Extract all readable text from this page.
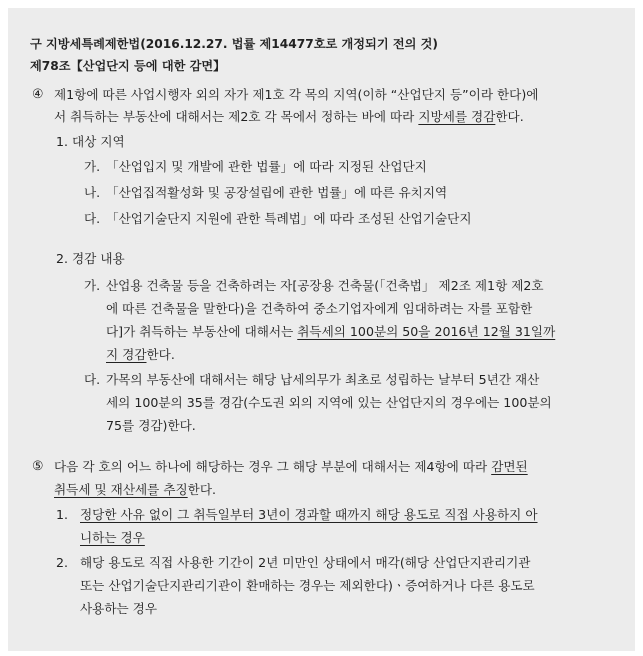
구 지방세특례제한법(2016.12.27. 법률 제14477호로 개정되기 전의 것)
제78조【산업단지 등에 대한 감면】
④ 제1항에 따른 사업시행자 외의 자가 제1호 각 목의 지역(이하 “산업단지 등”이라 한다)에
서 취득하는 부동산에 대해서는 제2호 각 목에서 정하는 바에 따라 지방세를 경감한다.
1. 대상 지역
가. 「산업입지 및 개발에 관한 법률」에 따라 지정된 산업단지
나. 「산업집적활성화 및 공장설립에 관한 법률」에 따른 유치지역
다. 「산업기술단지 지원에 관한 특례법」에 따라 조성된 산업기술단지
2. 경감 내용
가. 산업용 건축물 등을 건축하려는 자[공장용 건축물(「건축법」 제2조 제1항 제2호
에 따른 건축물을 말한다)을 건축하여 중소기업자에게 임대하려는 자를 포함한
다]가 취득하는 부동산에 대해서는 취득세의 100분의 50을 2016년 12월 31일까
지 경감한다.
다. 가목의 부동산에 대해서는 해당 납세의무가 최초로 성립하는 날부터 5년간 재산
세의 100분의 35를 경감(수도권 외의 지역에 있는 산업단지의 경우에는 100분의
75를 경감)한다.
⑤ 다음 각 호의 어느 하나에 해당하는 경우 그 해당 부분에 대해서는 제4항에 따라 감면된
취득세 및 재산세를 추징한다.
1. 정당한 사유 없이 그 취득일부터 3년이 경과할 때까지 해당 용도로 직접 사용하지 아
니하는 경우
2. 해당 용도로 직접 사용한 기간이 2년 미만인 상태에서 매각(해당 산업단지관리기관
또는 산업기술단지관리기관이 환매하는 경우는 제외한다)ㆍ증여하거나 다른 용도로
사용하는 경우
